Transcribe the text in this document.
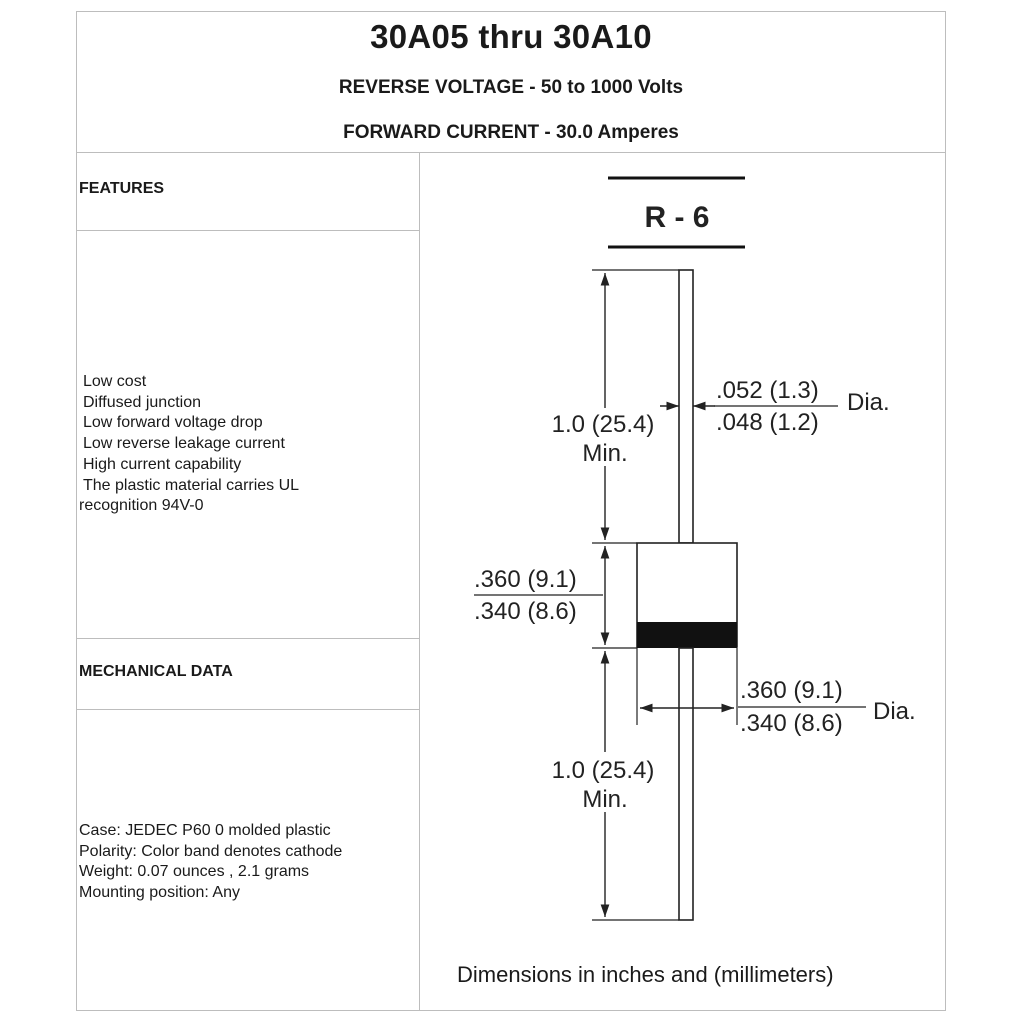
30A05 thru 30A10
REVERSE VOLTAGE - 50 to 1000 Volts
FORWARD CURRENT - 30.0 Amperes
FEATURES
Low cost
Diffused junction
Low forward voltage drop
Low reverse leakage current
High current capability
The plastic material carries UL
recognition 94V-0
MECHANICAL DATA
Case: JEDEC P60 0 molded plastic
Polarity: Color band denotes cathode
Weight: 0.07 ounces , 2.1 grams
Mounting position: Any
Dimensions in inches and (millimeters)
R - 6
1.0 (25.4)
Min.
.052 (1.3)
.048 (1.2)
Dia.
.360 (9.1)
.340 (8.6)
.360 (9.1)
.340 (8.6) Dia.
1.0 (25.4)
Min.
